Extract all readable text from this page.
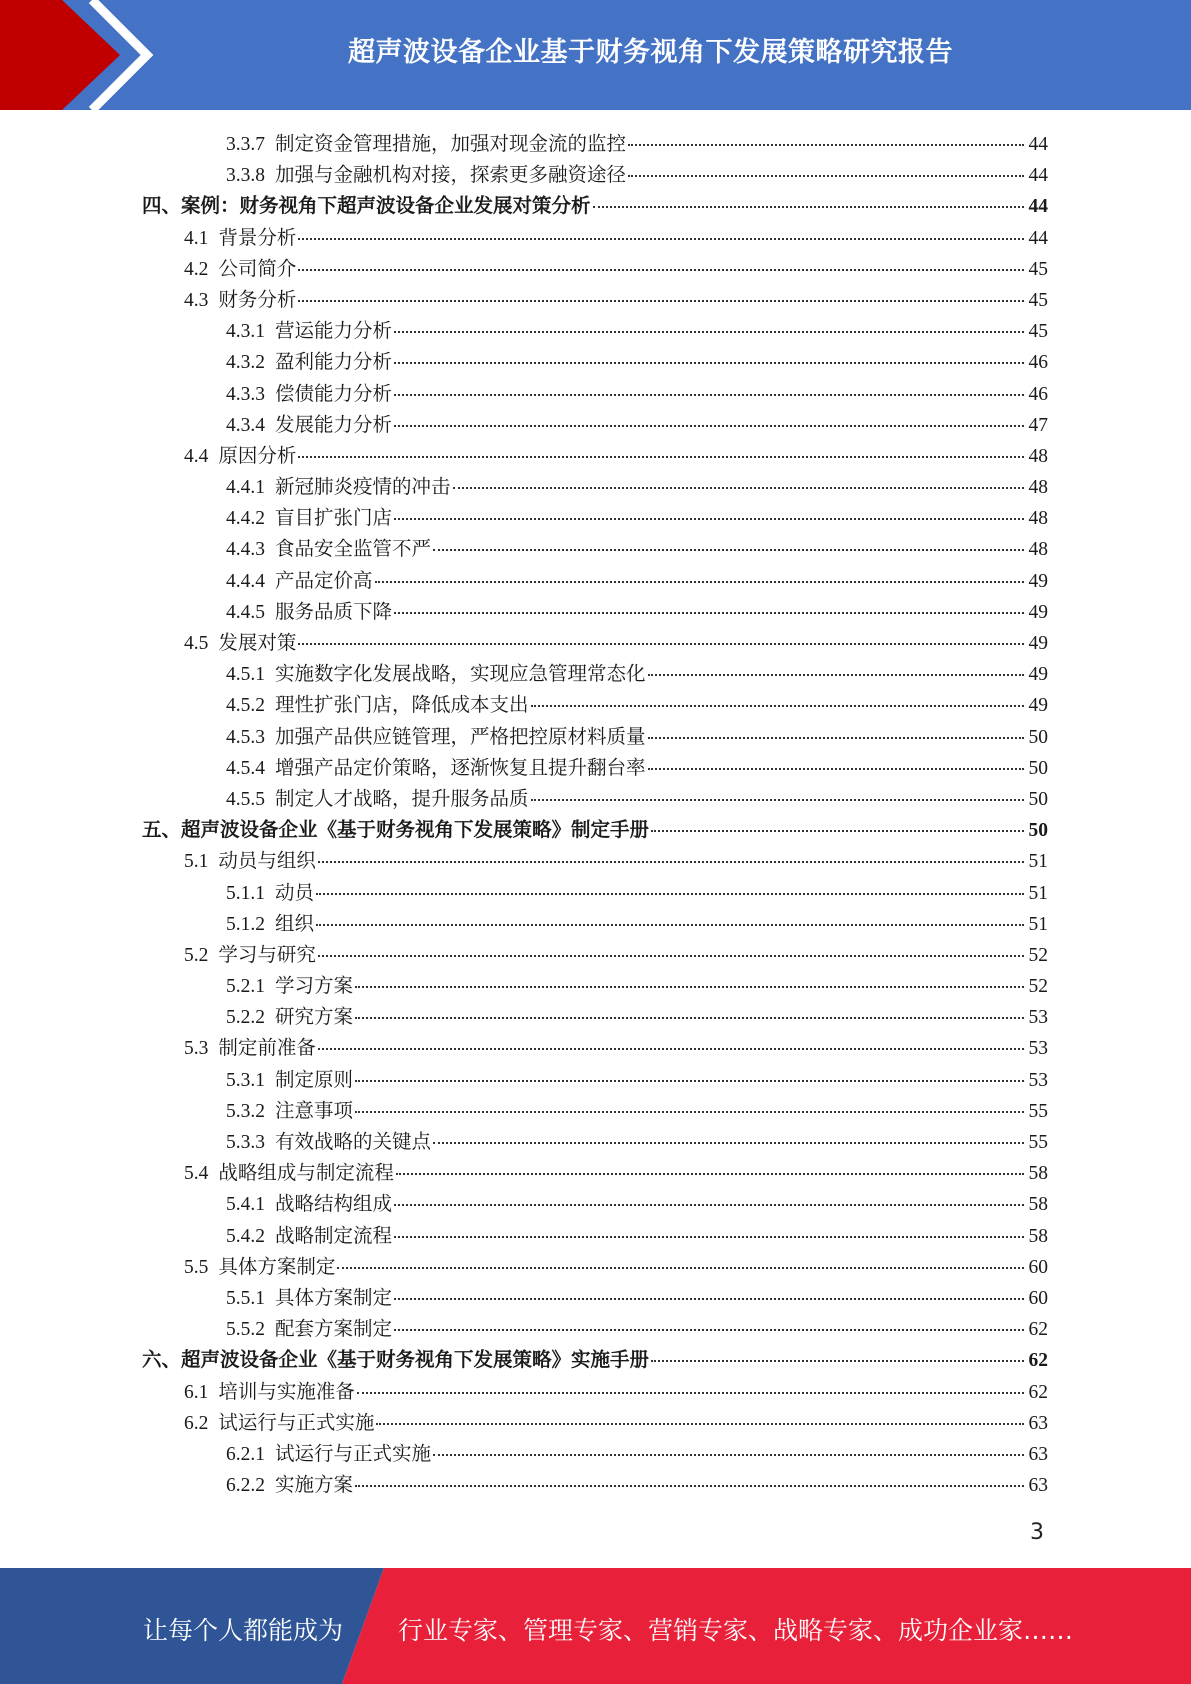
超声波设备企业基于财务视角下发展策略研究报告
3.3.7 制定资金管理措施，加强对现金流的监控	44
3.3.8 加强与金融机构对接，探索更多融资途径	44
四、案例：财务视角下超声波设备企业发展对策分析	44
4.1 背景分析	44
4.2 公司简介	45
4.3 财务分析	45
4.3.1 营运能力分析	45
4.3.2 盈利能力分析	46
4.3.3 偿债能力分析	46
4.3.4 发展能力分析	47
4.4 原因分析	48
4.4.1 新冠肺炎疫情的冲击	48
4.4.2 盲目扩张门店	48
4.4.3 食品安全监管不严	48
4.4.4 产品定价高	49
4.4.5 服务品质下降	49
4.5 发展对策	49
4.5.1 实施数字化发展战略，实现应急管理常态化	49
4.5.2 理性扩张门店，降低成本支出	49
4.5.3 加强产品供应链管理，严格把控原材料质量	50
4.5.4 增强产品定价策略，逐渐恢复且提升翻台率	50
4.5.5 制定人才战略，提升服务品质	50
五、超声波设备企业《基于财务视角下发展策略》制定手册	50
5.1 动员与组织	51
5.1.1 动员	51
5.1.2 组织	51
5.2 学习与研究	52
5.2.1 学习方案	52
5.2.2 研究方案	53
5.3 制定前准备	53
5.3.1 制定原则	53
5.3.2 注意事项	55
5.3.3 有效战略的关键点	55
5.4 战略组成与制定流程	58
5.4.1 战略结构组成	58
5.4.2 战略制定流程	58
5.5 具体方案制定	60
5.5.1 具体方案制定	60
5.5.2 配套方案制定	62
六、超声波设备企业《基于财务视角下发展策略》实施手册	62
6.1 培训与实施准备	62
6.2 试运行与正式实施	63
6.2.1 试运行与正式实施	63
6.2.2 实施方案	63
3
让每个人都能成为 行业专家、管理专家、营销专家、战略专家、成功企业家……
